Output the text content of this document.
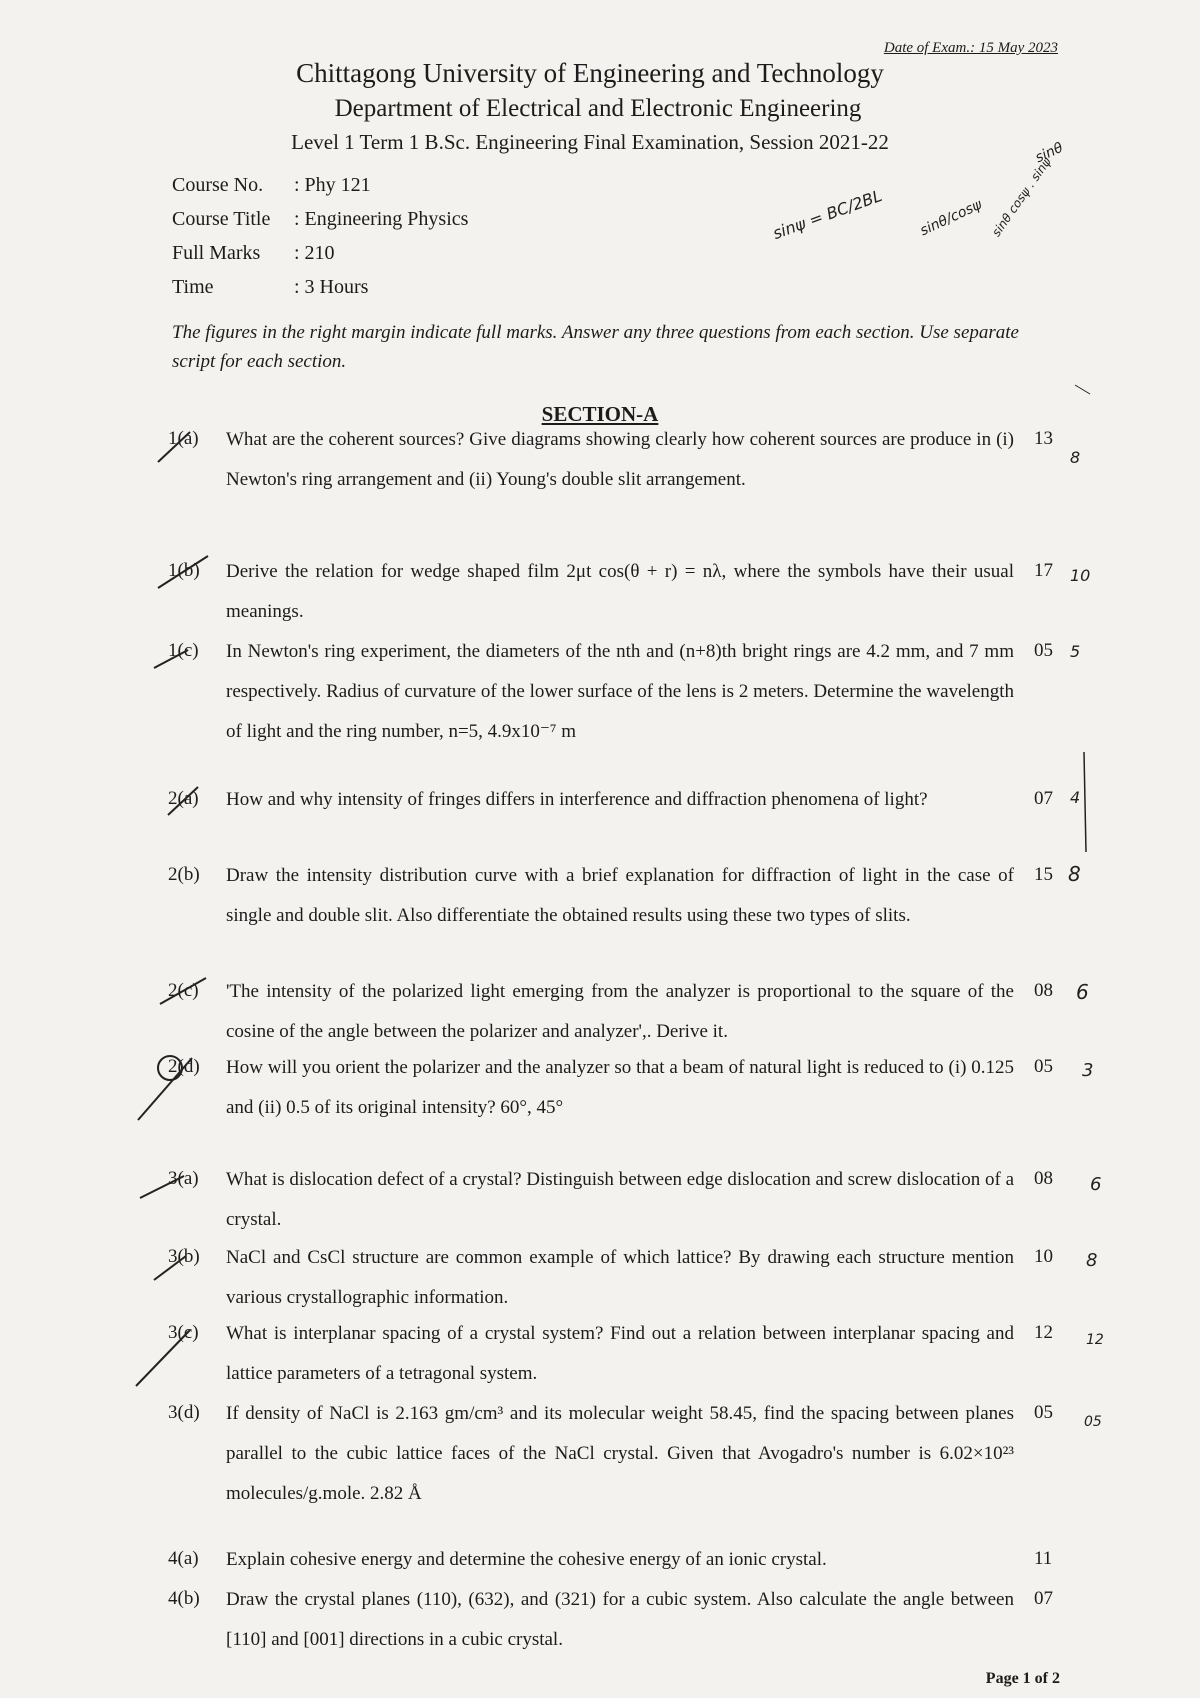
Date of Exam.: 15 May 2023
Chittagong University of Engineering and Technology
Department of Electrical and Electronic Engineering
Level 1 Term 1 B.Sc. Engineering Final Examination, Session 2021-22
Course No.	: Phy 121
Course Title	: Engineering Physics
Full Marks	: 210
Time	: 3 Hours
sinψ = BC/2BL sinθ/cosψ
sinθ
sinθ cosψ . sinψ
The figures in the right margin indicate full marks. Answer any three questions from each section. Use separate script for each section.
SECTION-A
1(a) What are the coherent sources? Give diagrams showing clearly how coherent sources are produce in (i) Newton's ring arrangement and (ii) Young's double slit arrangement.
13
8
1(b) Derive the relation for wedge shaped film 2μt cos(θ + r) = nλ, where the symbols have their usual meanings.
17 10
1(c) In Newton's ring experiment, the diameters of the nth and (n+8)th bright rings are 4.2 mm, and 7 mm respectively. Radius of curvature of the lower surface of the lens is 2 meters. Determine the wavelength of light and the ring number, n=5, 4.9x10⁻⁷ m
05 5
2(a) How and why intensity of fringes differs in interference and diffraction phenomena of light?	07 4
2(b) Draw the intensity distribution curve with a brief explanation for diffraction of light in the case of single and double slit. Also differentiate the obtained results using these two types of slits.
15 8
2(c) 'The intensity of the polarized light emerging from the analyzer is proportional to the square of the cosine of the angle between the polarizer and analyzer',. Derive it.
08 6
2(d) How will you orient the polarizer and the analyzer so that a beam of natural light is reduced to (i) 0.125 and (ii) 0.5 of its original intensity? 60°, 45°
05 3
3(a) What is dislocation defect of a crystal? Distinguish between edge dislocation and screw dislocation of a crystal.
08 6
3(b) NaCl and CsCl structure are common example of which lattice? By drawing each structure mention various crystallographic information.
10 8
3(c) What is interplanar spacing of a crystal system? Find out a relation between interplanar spacing and lattice parameters of a tetragonal system.
12 12
3(d) If density of NaCl is 2.163 gm/cm³ and its molecular weight 58.45, find the spacing between planes parallel to the cubic lattice faces of the NaCl crystal. Given that Avogadro's number is 6.02×10²³ molecules/g.mole. 2.82 Å
05 05
4(a) Explain cohesive energy and determine the cohesive energy of an ionic crystal.	11
4(b) Draw the crystal planes (110), (632), and (321) for a cubic system. Also calculate the angle between [110] and [001] directions in a cubic crystal.
07
Page 1 of 2
